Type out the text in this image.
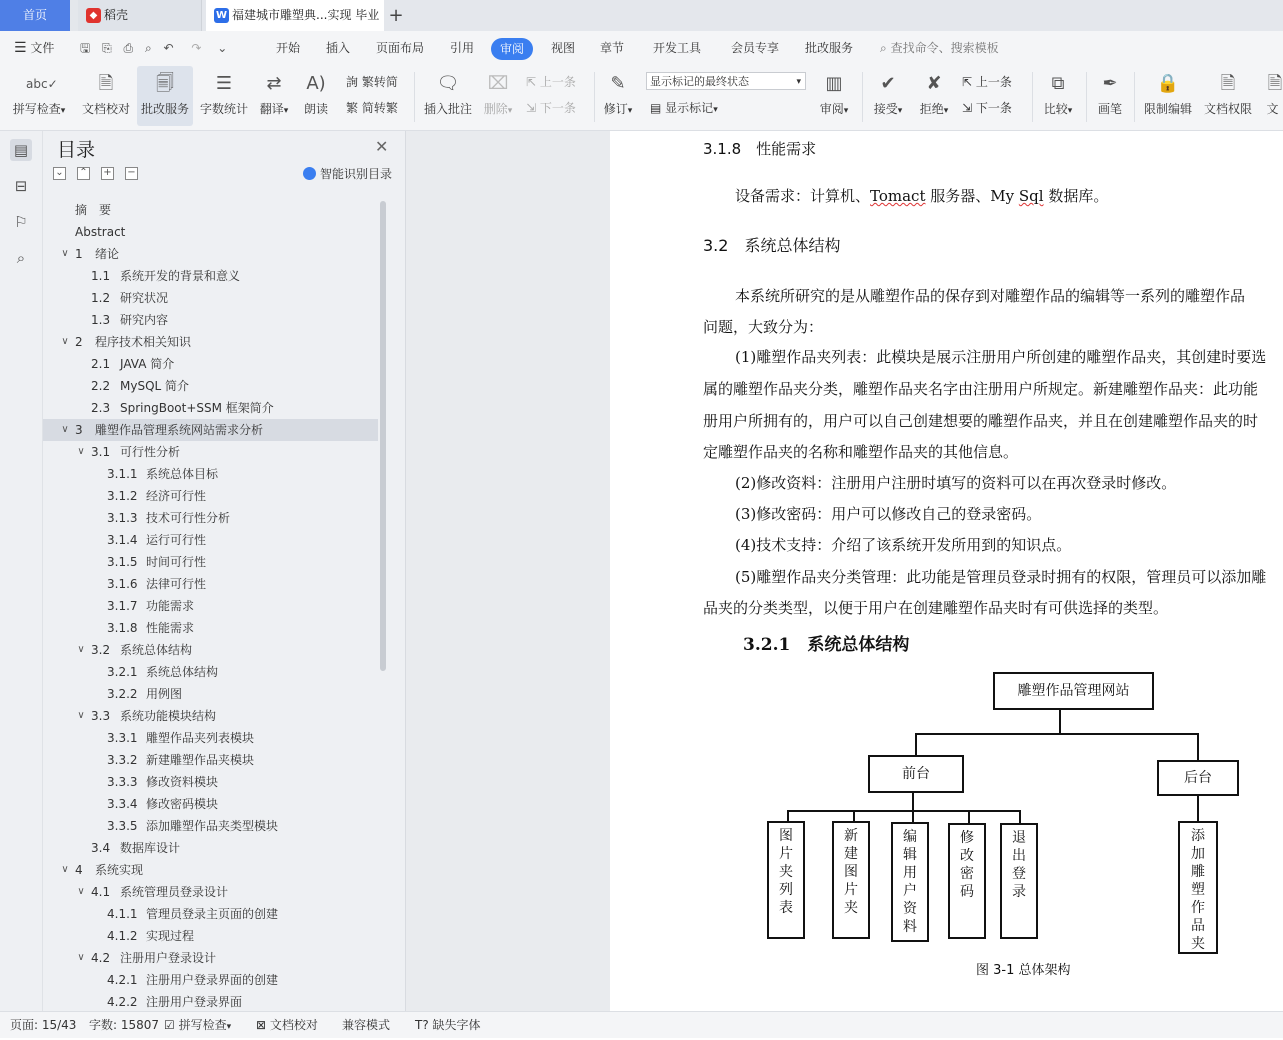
首页	◆ 稻壳	W 福建城市雕塑典...实现 毕业 +
☰ 文件 🖫 ⎘ ⎙ ⌕ ↶ ↷ ⌄	开始 插入 页面布局 引用	审阅	视图 章节 开发工具 会员专享 批改服务 ⌕ 查找命令、搜索模板
abc✓
拼写检查▾
🗎
文档校对
🗐
批改服务
☰
字数统计
⇄
翻译▾
A)
朗读
詢 繁转简
繁 简转繁
🗨
插入批注
⌧
删除▾
⇱ 上一条
⇲ 下一条
✎
修订▾
显示标记的最终状态	▾
▤ 显示标记▾
▥
审阅▾
✔
接受▾
✘
拒绝▾
⇱ 上一条
⇲ 下一条
⧉
比较▾
✒
画笔
🔒
限制编辑
🗎
文档权限
🗎
文
▤
⊟
⚐
⌕
目录	✕
⌄ ⌃ + −	智能识别目录
摘　要
Abstract
∨ 1 绪论
1.1 系统开发的背景和意义
1.2 研究状况
1.3 研究内容
∨ 2 程序技术相关知识
2.1 JAVA 简介
2.2 MySQL 简介
2.3 SpringBoot+SSM 框架简介
∨ 3 雕塑作品管理系统网站需求分析
∨ 3.1 可行性分析
3.1.1 系统总体目标
3.1.2 经济可行性
3.1.3 技术可行性分析
3.1.4 运行可行性
3.1.5 时间可行性
3.1.6 法律可行性
3.1.7 功能需求
3.1.8 性能需求
∨ 3.2 系统总体结构
3.2.1 系统总体结构
3.2.2 用例图
∨ 3.3 系统功能模块结构
3.3.1 雕塑作品夹列表模块
3.3.2 新建雕塑作品夹模块
3.3.3 修改资料模块
3.3.4 修改密码模块
3.3.5 添加雕塑作品夹类型模块
3.4 数据库设计
∨ 4 系统实现
∨ 4.1 系统管理员登录设计
4.1.1 管理员登录主页面的创建
4.1.2 实现过程
∨ 4.2 注册用户登录设计
4.2.1 注册用户登录界面的创建
4.2.2 注册用户登录界面
3.1.8　性能需求
设备需求：计算机、Tomact 服务器、My Sql 数据库。
3.2　系统总体结构
本系统所研究的是从雕塑作品的保存到对雕塑作品的编辑等一系列的雕塑作品
问题，大致分为：
(1)雕塑作品夹列表：此模块是展示注册用户所创建的雕塑作品夹，其创建时要选
属的雕塑作品夹分类，雕塑作品夹名字由注册用户所规定。新建雕塑作品夹：此功能
册用户所拥有的，用户可以自己创建想要的雕塑作品夹，并且在创建雕塑作品夹的时
定雕塑作品夹的名称和雕塑作品夹的其他信息。
(2)修改资料：注册用户注册时填写的资料可以在再次登录时修改。
(3)修改密码：用户可以修改自己的登录密码。
(4)技术支持：介绍了该系统开发所用到的知识点。
(5)雕塑作品夹分类管理：此功能是管理员登录时拥有的权限，管理员可以添加雕
品夹的分类类型，以便于用户在创建雕塑作品夹时有可供选择的类型。
3.2.1　系统总体结构
雕塑作品管理网站
前台	后台
图
片
夹
列
表
新
建
图
片
夹
编
辑
用
户
资
料
修
改
密
码
退
出
登
录
添
加
雕
塑
作
品
夹
图 3-1 总体架构
页面: 15/43 字数: 15807 ☑ 拼写检查▾ ⊠ 文档校对 兼容模式 T? 缺失字体
